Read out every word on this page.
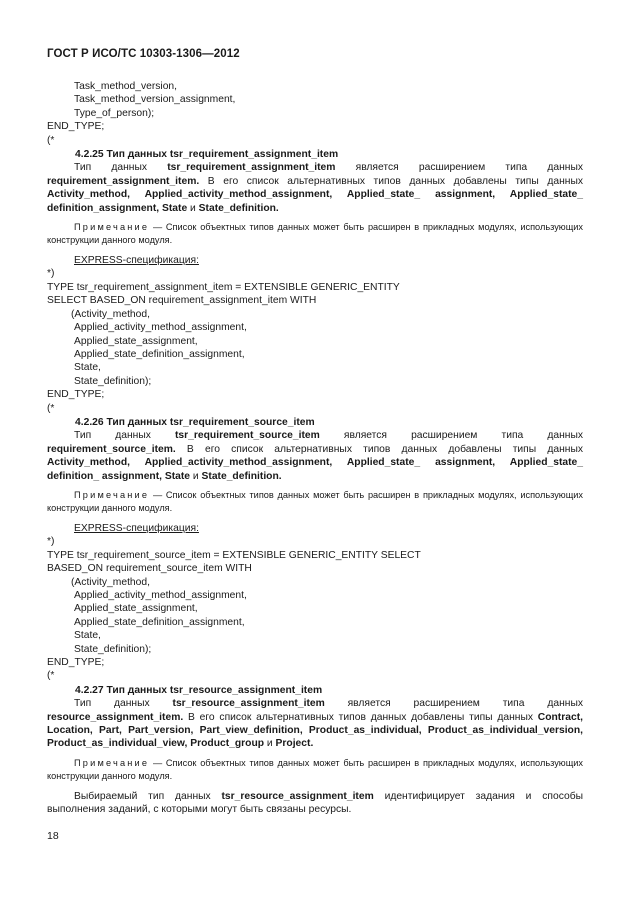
ГОСТ Р ИСО/ТС 10303-1306—2012
Task_method_version,
Task_method_version_assignment,
Type_of_person);
END_TYPE;
(*
4.2.25 Тип данных tsr_requirement_assignment_item
Тип данных tsr_requirement_assignment_item является расширением типа данных requirement_assignment_item. В его список альтернативных типов данных добавлены типы данных Activity_method, Applied_activity_method_assignment, Applied_state_ assignment, Applied_state_ definition_assignment, State и State_definition.
Примечание — Список объектных типов данных может быть расширен в прикладных модулях, использующих конструкции данного модуля.
EXPRESS-спецификация:
*)
TYPE tsr_requirement_assignment_item = EXTENSIBLE GENERIC_ENTITY
SELECT BASED_ON requirement_assignment_item WITH
(Activity_method,
Applied_activity_method_assignment,
Applied_state_assignment,
Applied_state_definition_assignment,
State,
State_definition);
END_TYPE;
(*
4.2.26 Тип данных tsr_requirement_source_item
Тип данных tsr_requirement_source_item является расширением типа данных requirement_source_item. В его список альтернативных типов данных добавлены типы данных Activity_method, Applied_activity_method_assignment, Applied_state_ assignment, Applied_state_ definition_ assignment, State и State_definition.
Примечание — Список объектных типов данных может быть расширен в прикладных модулях, использующих конструкции данного модуля.
EXPRESS-спецификация:
*)
TYPE tsr_requirement_source_item = EXTENSIBLE GENERIC_ENTITY SELECT
BASED_ON requirement_source_item WITH
(Activity_method,
Applied_activity_method_assignment,
Applied_state_assignment,
Applied_state_definition_assignment,
State,
State_definition);
END_TYPE;
(*
4.2.27 Тип данных tsr_resource_assignment_item
Тип данных tsr_resource_assignment_item является расширением типа данных resource_assignment_item. В его список альтернативных типов данных добавлены типы данных Contract, Location, Part, Part_version, Part_view_definition, Product_as_individual, Product_as_individual_version, Product_as_individual_view, Product_group и Project.
Примечание — Список объектных типов данных может быть расширен в прикладных модулях, использующих конструкции данного модуля.
Выбираемый тип данных tsr_resource_assignment_item идентифицирует задания и способы выполнения заданий, с которыми могут быть связаны ресурсы.
18
